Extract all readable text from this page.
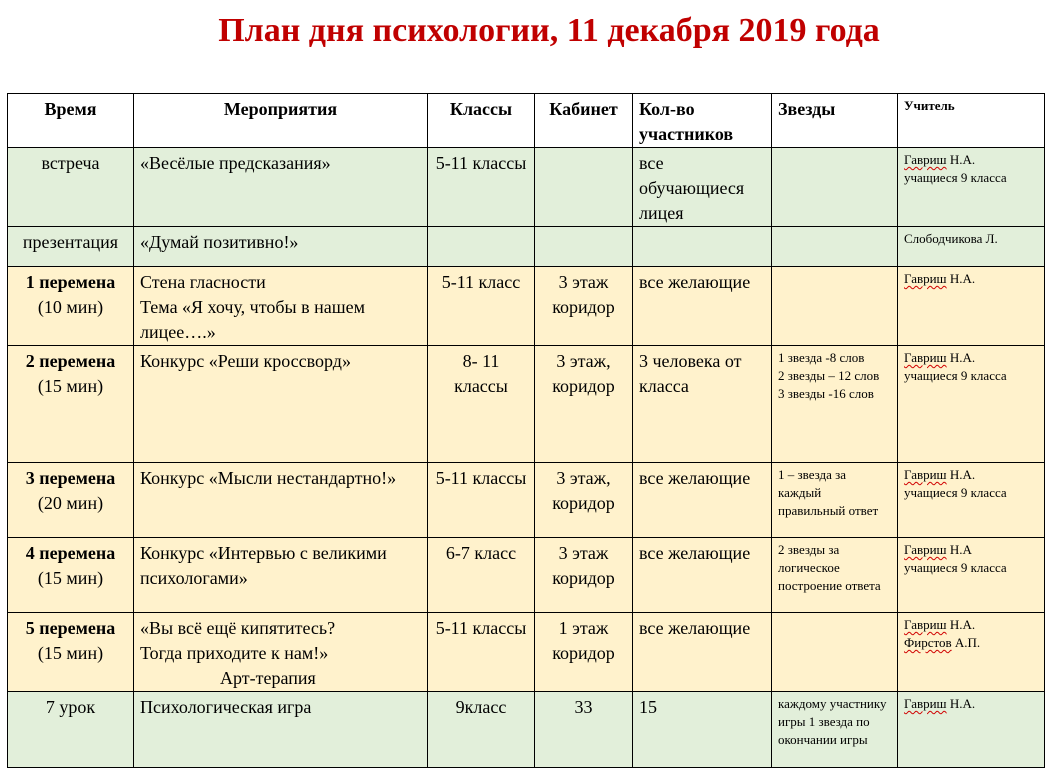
План дня психологии, 11 декабря 2019 года
Время	Мероприятия	Классы	Кабинет	Кол-во участников	Звезды	Учитель
встреча	«Весёлые предсказания»	5-11 классы		все обучающиеся лицея		Гавриш Н.А.
учащиеся 9 класса

презентация	«Думай позитивно!»					Слободчикова Л.

1 перемена
(10 мин)	Стена гласности
Тема «Я хочу, чтобы в нашем лицее….»	5-11 класс	3 этаж коридор	все желающие		Гавриш Н.А.

2 перемена
(15 мин)	Конкурс «Реши кроссворд»	8- 11 классы	3 этаж, коридор	3 человека от класса	1 звезда -8 слов
2 звезды – 12 слов
3 звезды -16 слов	Гавриш Н.А.
учащиеся 9 класса

3 перемена
(20 мин)	Конкурс «Мысли нестандартно!»	5-11 классы	3 этаж, коридор	все желающие	1 – звезда за каждый правильный ответ	Гавриш Н.А.
учащиеся 9 класса

4 перемена
(15 мин)	Конкурс «Интервью с великими психологами»	6-7 класс	3 этаж коридор	все желающие	2 звезды за логическое построение ответа	Гавриш Н.А
учащиеся 9 класса

5 перемена
(15 мин)	«Вы всё ещё кипятитесь?
Тогда приходите к нам!»
Арт-терапия	5-11 классы	1 этаж коридор	все желающие		Гавриш Н.А.
Фирстов А.П.

7 урок	Психологическая игра	9класс	33	15	каждому участнику игры 1 звезда по окончании игры	Гавриш Н.А.
